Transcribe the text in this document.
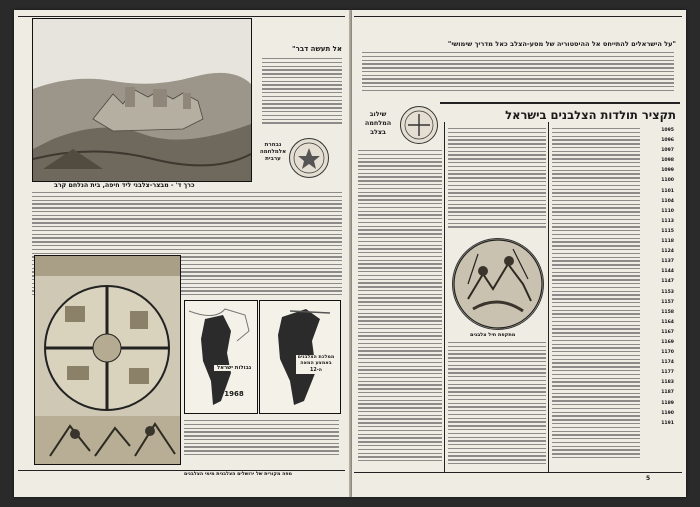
כרך ד' - מבצר-צלבני ליד חיפה, בית הנלחם קרב
אל תעשה דבר"
נבחרת אלמלחמה ערבית
גבולות ישראל
1968
ממלכת הצלבנים באמצע המאה ה-12
מפה מקורית של ירושלים הצלבנית מימי הצלבנים
"על הישראלים להתייחס אל ההיסטוריה של מסע-הצלב כאל מדריך שימושי"
תקציר תולדות הצלבנים בישראל
1095
1096
1097
1098
1099
1100
1101
1104
1110
1113
1115
1118
1124
1137
1144
1147
1153
1157
1158
1164
1167
1169
1170
1174
1177
1183
1187
1189
1190
1191
מתקפת חיל צלבנים
שילוב המלחמה בצלב
5
